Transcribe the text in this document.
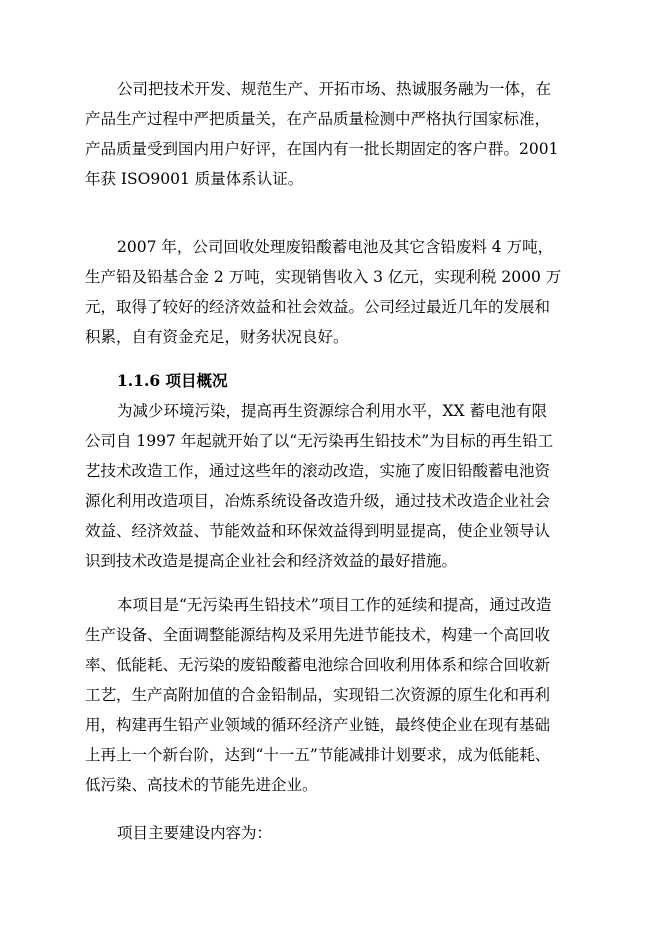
公司把技术开发、规范生产、开拓市场、热诚服务融为一体，在
产品生产过程中严把质量关，在产品质量检测中严格执行国家标准，
产品质量受到国内用户好评，在国内有一批长期固定的客户群。2001
年获 ISO9001 质量体系认证。
2007 年，公司回收处理废铅酸蓄电池及其它含铅废料 4 万吨，
生产铅及铅基合金 2 万吨，实现销售收入 3 亿元，实现利税 2000 万
元，取得了较好的经济效益和社会效益。公司经过最近几年的发展和
积累，自有资金充足，财务状况良好。
1.1.6 项目概况
为减少环境污染，提高再生资源综合利用水平，XX 蓄电池有限
公司自 1997 年起就开始了以“无污染再生铅技术”为目标的再生铅工
艺技术改造工作，通过这些年的滚动改造，实施了废旧铅酸蓄电池资
源化利用改造项目，冶炼系统设备改造升级，通过技术改造企业社会
效益、经济效益、节能效益和环保效益得到明显提高，使企业领导认
识到技术改造是提高企业社会和经济效益的最好措施。
本项目是“无污染再生铅技术”项目工作的延续和提高，通过改造
生产设备、全面调整能源结构及采用先进节能技术，构建一个高回收
率、低能耗、无污染的废铅酸蓄电池综合回收利用体系和综合回收新
工艺，生产高附加值的合金铅制品，实现铅二次资源的原生化和再利
用，构建再生铅产业领域的循环经济产业链，最终使企业在现有基础
上再上一个新台阶，达到“十一五”节能减排计划要求，成为低能耗、
低污染、高技术的节能先进企业。
项目主要建设内容为：
